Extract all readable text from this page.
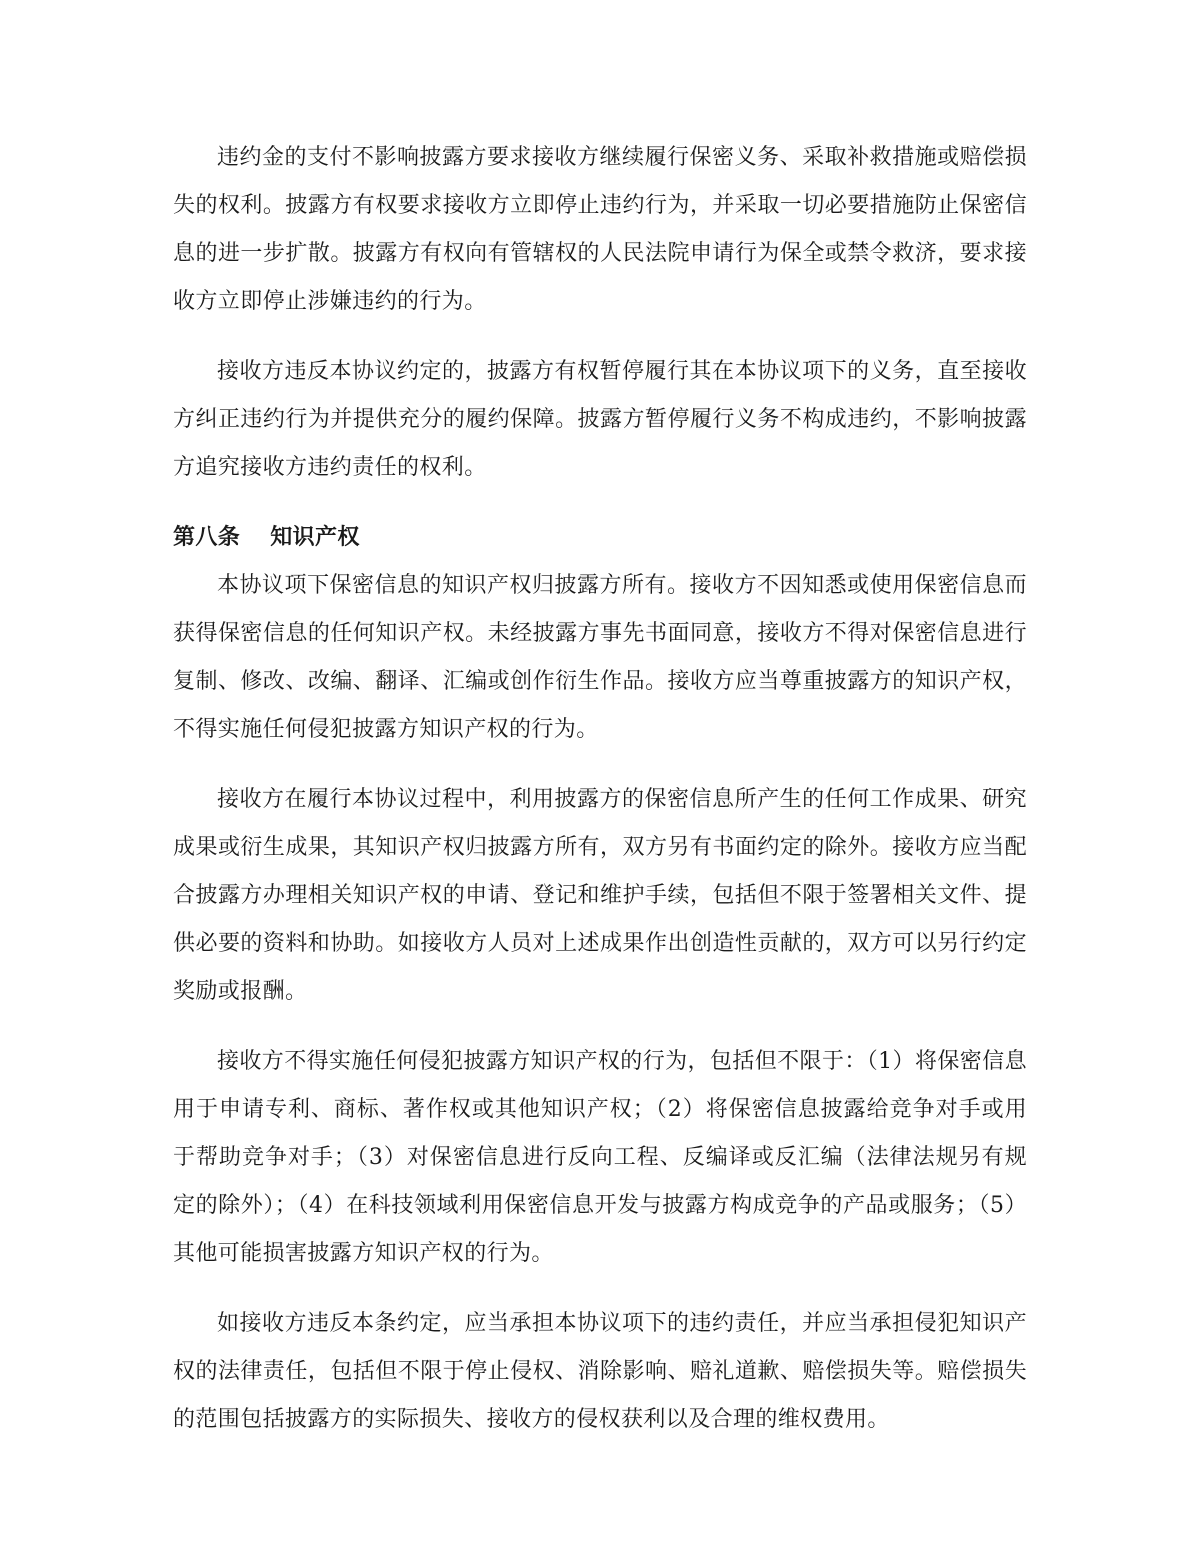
违约金的支付不影响披露方要求接收方继续履行保密义务、采取补救措施或赔偿损失的权利。披露方有权要求接收方立即停止违约行为，并采取一切必要措施防止保密信息的进一步扩散。披露方有权向有管辖权的人民法院申请行为保全或禁令救济，要求接收方立即停止涉嫌违约的行为。

接收方违反本协议约定的，披露方有权暂停履行其在本协议项下的义务，直至接收方纠正违约行为并提供充分的履约保障。披露方暂停履行义务不构成违约，不影响披露方追究接收方违约责任的权利。

第八条 知识产权

本协议项下保密信息的知识产权归披露方所有。接收方不因知悉或使用保密信息而获得保密信息的任何知识产权。未经披露方事先书面同意，接收方不得对保密信息进行复制、修改、改编、翻译、汇编或创作衍生作品。接收方应当尊重披露方的知识产权，不得实施任何侵犯披露方知识产权的行为。

接收方在履行本协议过程中，利用披露方的保密信息所产生的任何工作成果、研究成果或衍生成果，其知识产权归披露方所有，双方另有书面约定的除外。接收方应当配合披露方办理相关知识产权的申请、登记和维护手续，包括但不限于签署相关文件、提供必要的资料和协助。如接收方人员对上述成果作出创造性贡献的，双方可以另行约定奖励或报酬。

接收方不得实施任何侵犯披露方知识产权的行为，包括但不限于：（1）将保密信息用于申请专利、商标、著作权或其他知识产权；（2）将保密信息披露给竞争对手或用于帮助竞争对手；（3）对保密信息进行反向工程、反编译或反汇编（法律法规另有规定的除外）；（4）在科技领域利用保密信息开发与披露方构成竞争的产品或服务；（5）其他可能损害披露方知识产权的行为。

如接收方违反本条约定，应当承担本协议项下的违约责任，并应当承担侵犯知识产权的法律责任，包括但不限于停止侵权、消除影响、赔礼道歉、赔偿损失等。赔偿损失的范围包括披露方的实际损失、接收方的侵权获利以及合理的维权费用。
